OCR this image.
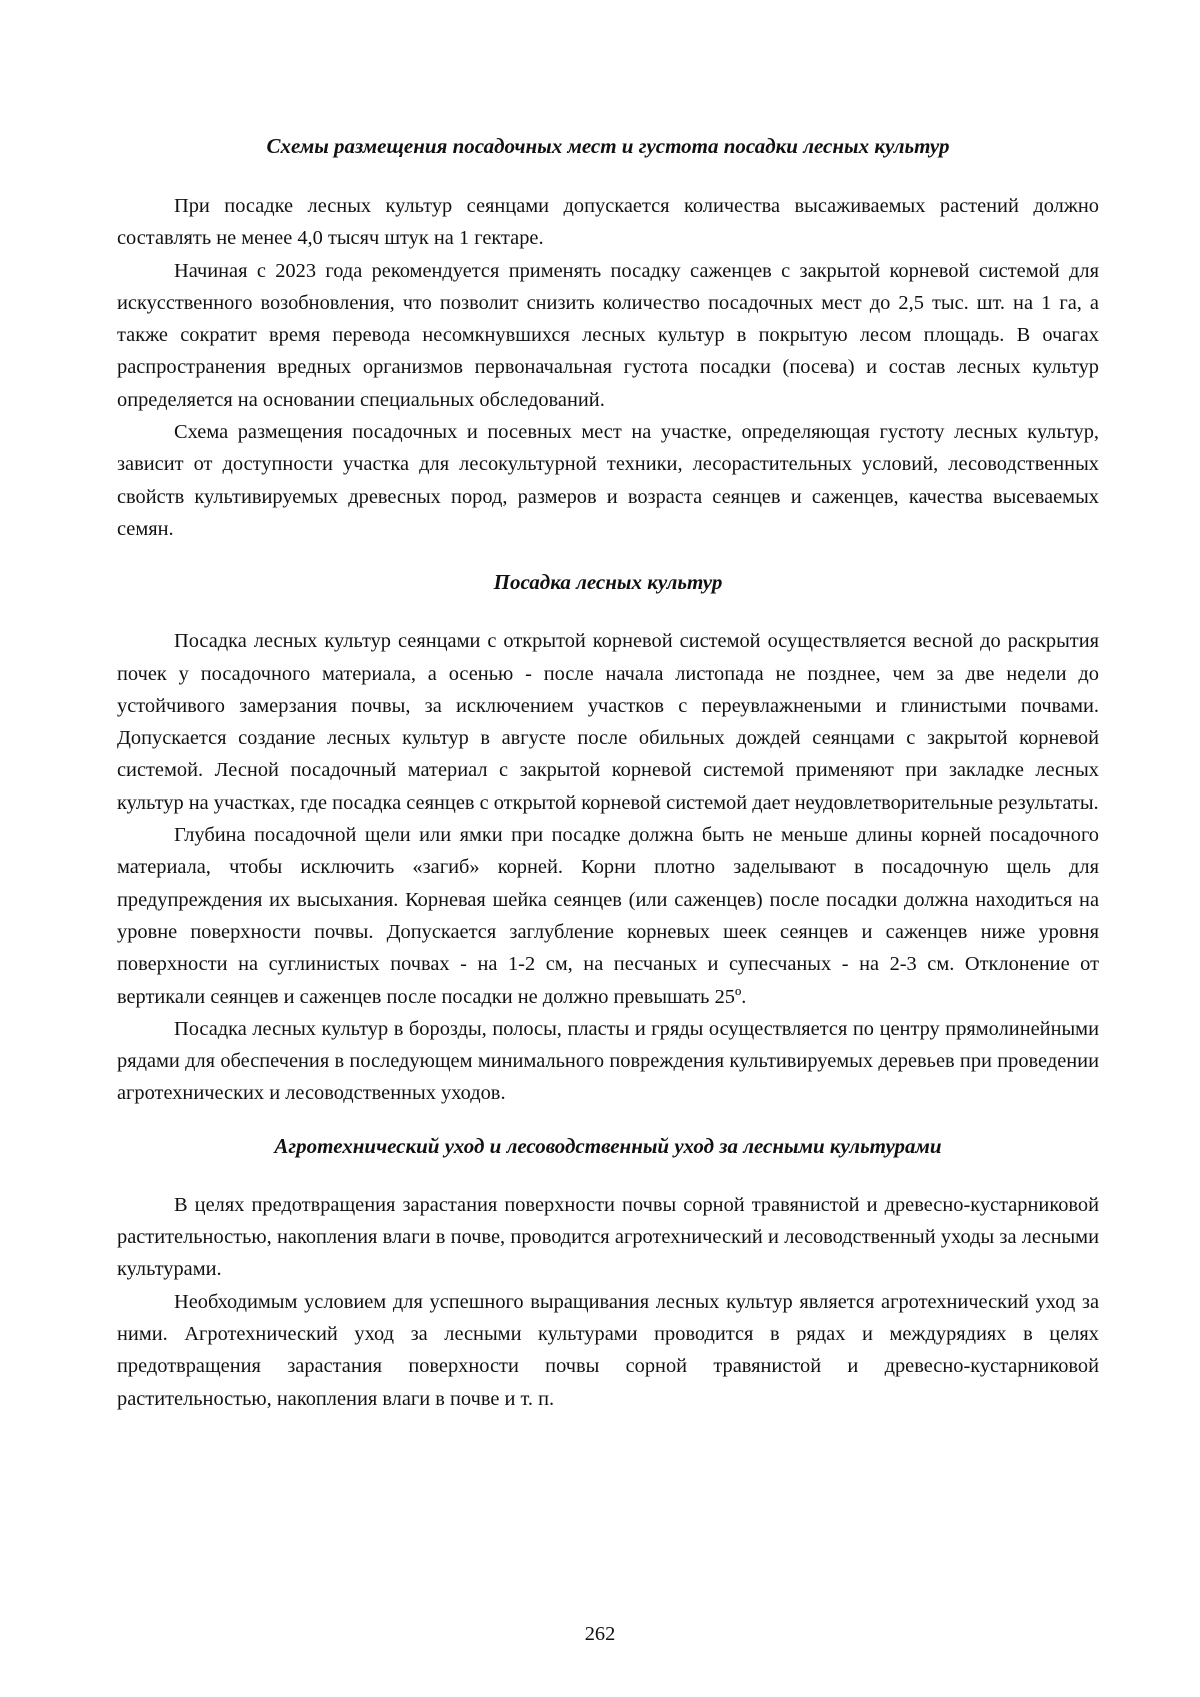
Схемы размещения посадочных мест и густота посадки лесных культур

При посадке лесных культур сеянцами допускается количества высаживаемых растений должно составлять не менее 4,0 тысяч штук на 1 гектаре.

Начиная с 2023 года рекомендуется применять посадку саженцев с закрытой корневой системой для искусственного возобновления, что позволит снизить количество посадочных мест до 2,5 тыс. шт. на 1 га, а также сократит время перевода несомкнувшихся лесных культур в покрытую лесом площадь. В очагах распространения вредных организмов первоначальная густота посадки (посева) и состав лесных культур определяется на основании специальных обследований.

Схема размещения посадочных и посевных мест на участке, определяющая густоту лесных культур, зависит от доступности участка для лесокультурной техники, лесорастительных условий, лесоводственных свойств культивируемых древесных пород, размеров и возраста сеянцев и саженцев, качества высеваемых семян.

Посадка лесных культур

Посадка лесных культур сеянцами с открытой корневой системой осуществляется весной до раскрытия почек у посадочного материала, а осенью - после начала листопада не позднее, чем за две недели до устойчивого замерзания почвы, за исключением участков с переувлажнеными и глинистыми почвами. Допускается создание лесных культур в августе после обильных дождей сеянцами с закрытой корневой системой. Лесной посадочный материал с закрытой корневой системой применяют при закладке лесных культур на участках, где посадка сеянцев с открытой корневой системой дает неудовлетворительные результаты.

Глубина посадочной щели или ямки при посадке должна быть не меньше длины корней посадочного материала, чтобы исключить «загиб» корней. Корни плотно заделывают в посадочную щель для предупреждения их высыхания. Корневая шейка сеянцев (или саженцев) после посадки должна находиться на уровне поверхности почвы. Допускается заглубление корневых шеек сеянцев и саженцев ниже уровня поверхности на суглинистых почвах - на 1-2 см, на песчаных и супесчаных - на 2-3 см. Отклонение от вертикали сеянцев и саженцев после посадки не должно превышать 25º.

Посадка лесных культур в борозды, полосы, пласты и гряды осуществляется по центру прямолинейными рядами для обеспечения в последующем минимального повреждения культивируемых деревьев при проведении агротехнических и лесоводственных уходов.

Агротехнический уход и лесоводственный уход за лесными культурами

В целях предотвращения зарастания поверхности почвы сорной травянистой и древесно-кустарниковой растительностью, накопления влаги в почве, проводится агротехнический и лесоводственный уходы за лесными культурами.

Необходимым условием для успешного выращивания лесных культур является агротехнический уход за ними. Агротехнический уход за лесными культурами проводится в рядах и междурядиях в целях предотвращения зарастания поверхности почвы сорной травянистой и древесно-кустарниковой растительностью, накопления влаги в почве и т. п.

262
